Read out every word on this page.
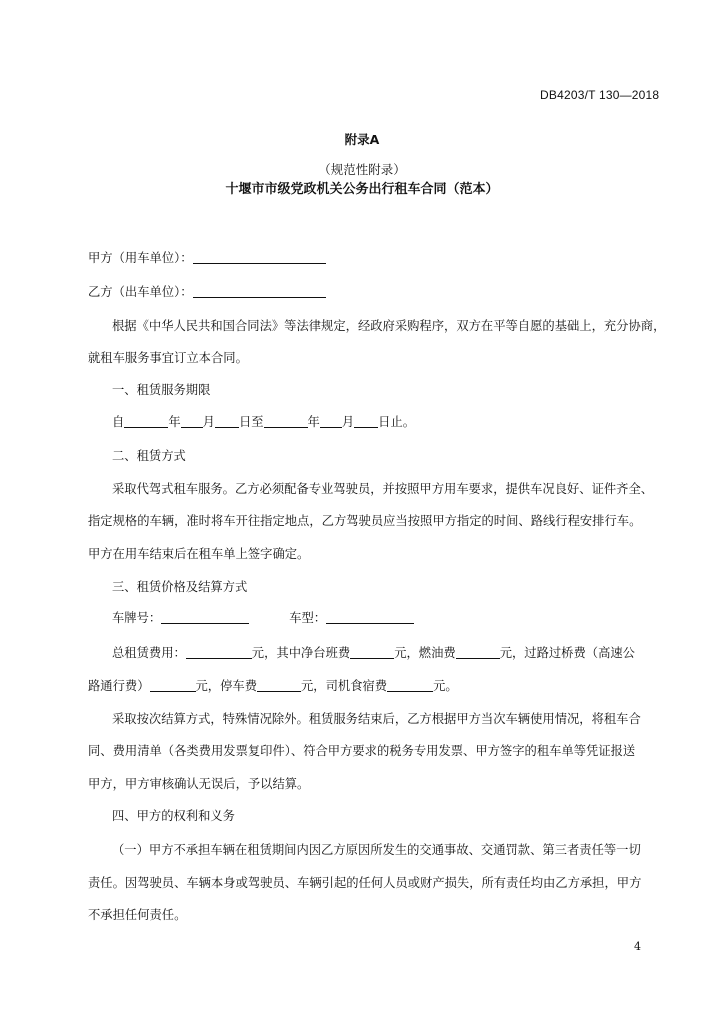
DB4203/T 130—2018
附录A
（规范性附录）
十堰市市级党政机关公务出行租车合同（范本）
甲方（用车单位）：
乙方（出车单位）：
根据《中华人民共和国合同法》等法律规定，经政府采购程序，双方在平等自愿的基础上，充分协商，
就租车服务事宜订立本合同。
一、租赁服务期限
自	年 月 日至	年 月 日止。
二、租赁方式
采取代驾式租车服务。乙方必须配备专业驾驶员，并按照甲方用车要求，提供车况良好、证件齐全、
指定规格的车辆，准时将车开往指定地点，乙方驾驶员应当按照甲方指定的时间、路线行程安排行车。
甲方在用车结束后在租车单上签字确定。
三、租赁价格及结算方式
车牌号：	车型：
总租赁费用：	元，其中净台班费	元，燃油费	元，过路过桥费（高速公
路通行费）	元，停车费	元，司机食宿费	元。
采取按次结算方式，特殊情况除外。租赁服务结束后，乙方根据甲方当次车辆使用情况，将租车合
同、费用清单（各类费用发票复印件）、符合甲方要求的税务专用发票、甲方签字的租车单等凭证报送
甲方，甲方审核确认无误后，予以结算。
四、甲方的权利和义务
（一）甲方不承担车辆在租赁期间内因乙方原因所发生的交通事故、交通罚款、第三者责任等一切
责任。因驾驶员、车辆本身或驾驶员、车辆引起的任何人员或财产损失，所有责任均由乙方承担，甲方
不承担任何责任。
4
